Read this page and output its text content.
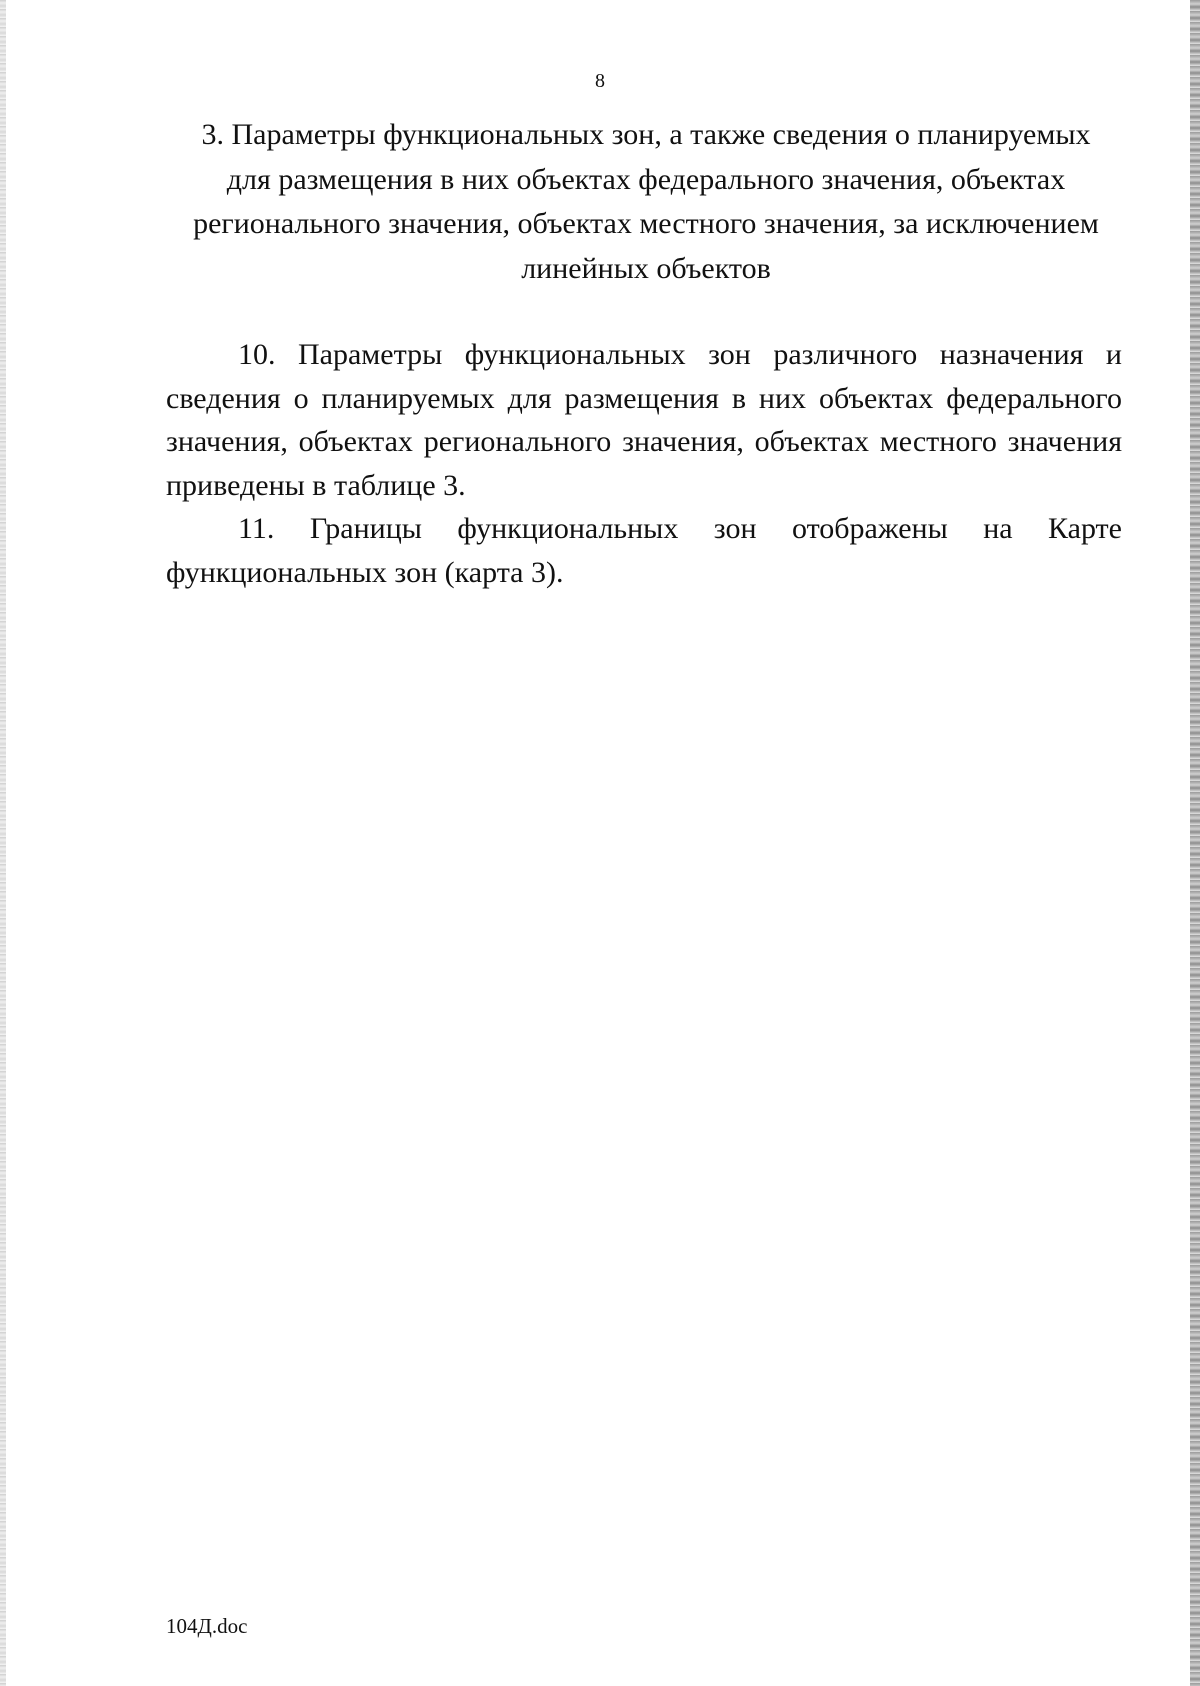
8
3. Параметры функциональных зон, а также сведения о планируемых
для размещения в них объектах федерального значения, объектах
регионального значения, объектах местного значения, за исключением
линейных объектов

10. Параметры функциональных зон различного назначения и сведения о планируемых для размещения в них объектах федерального значения, объектах регионального значения, объектах местного значения приведены в таблице 3.

11. Границы функциональных зон отображены на Карте функциональных зон (карта 3).

104Д.doc
